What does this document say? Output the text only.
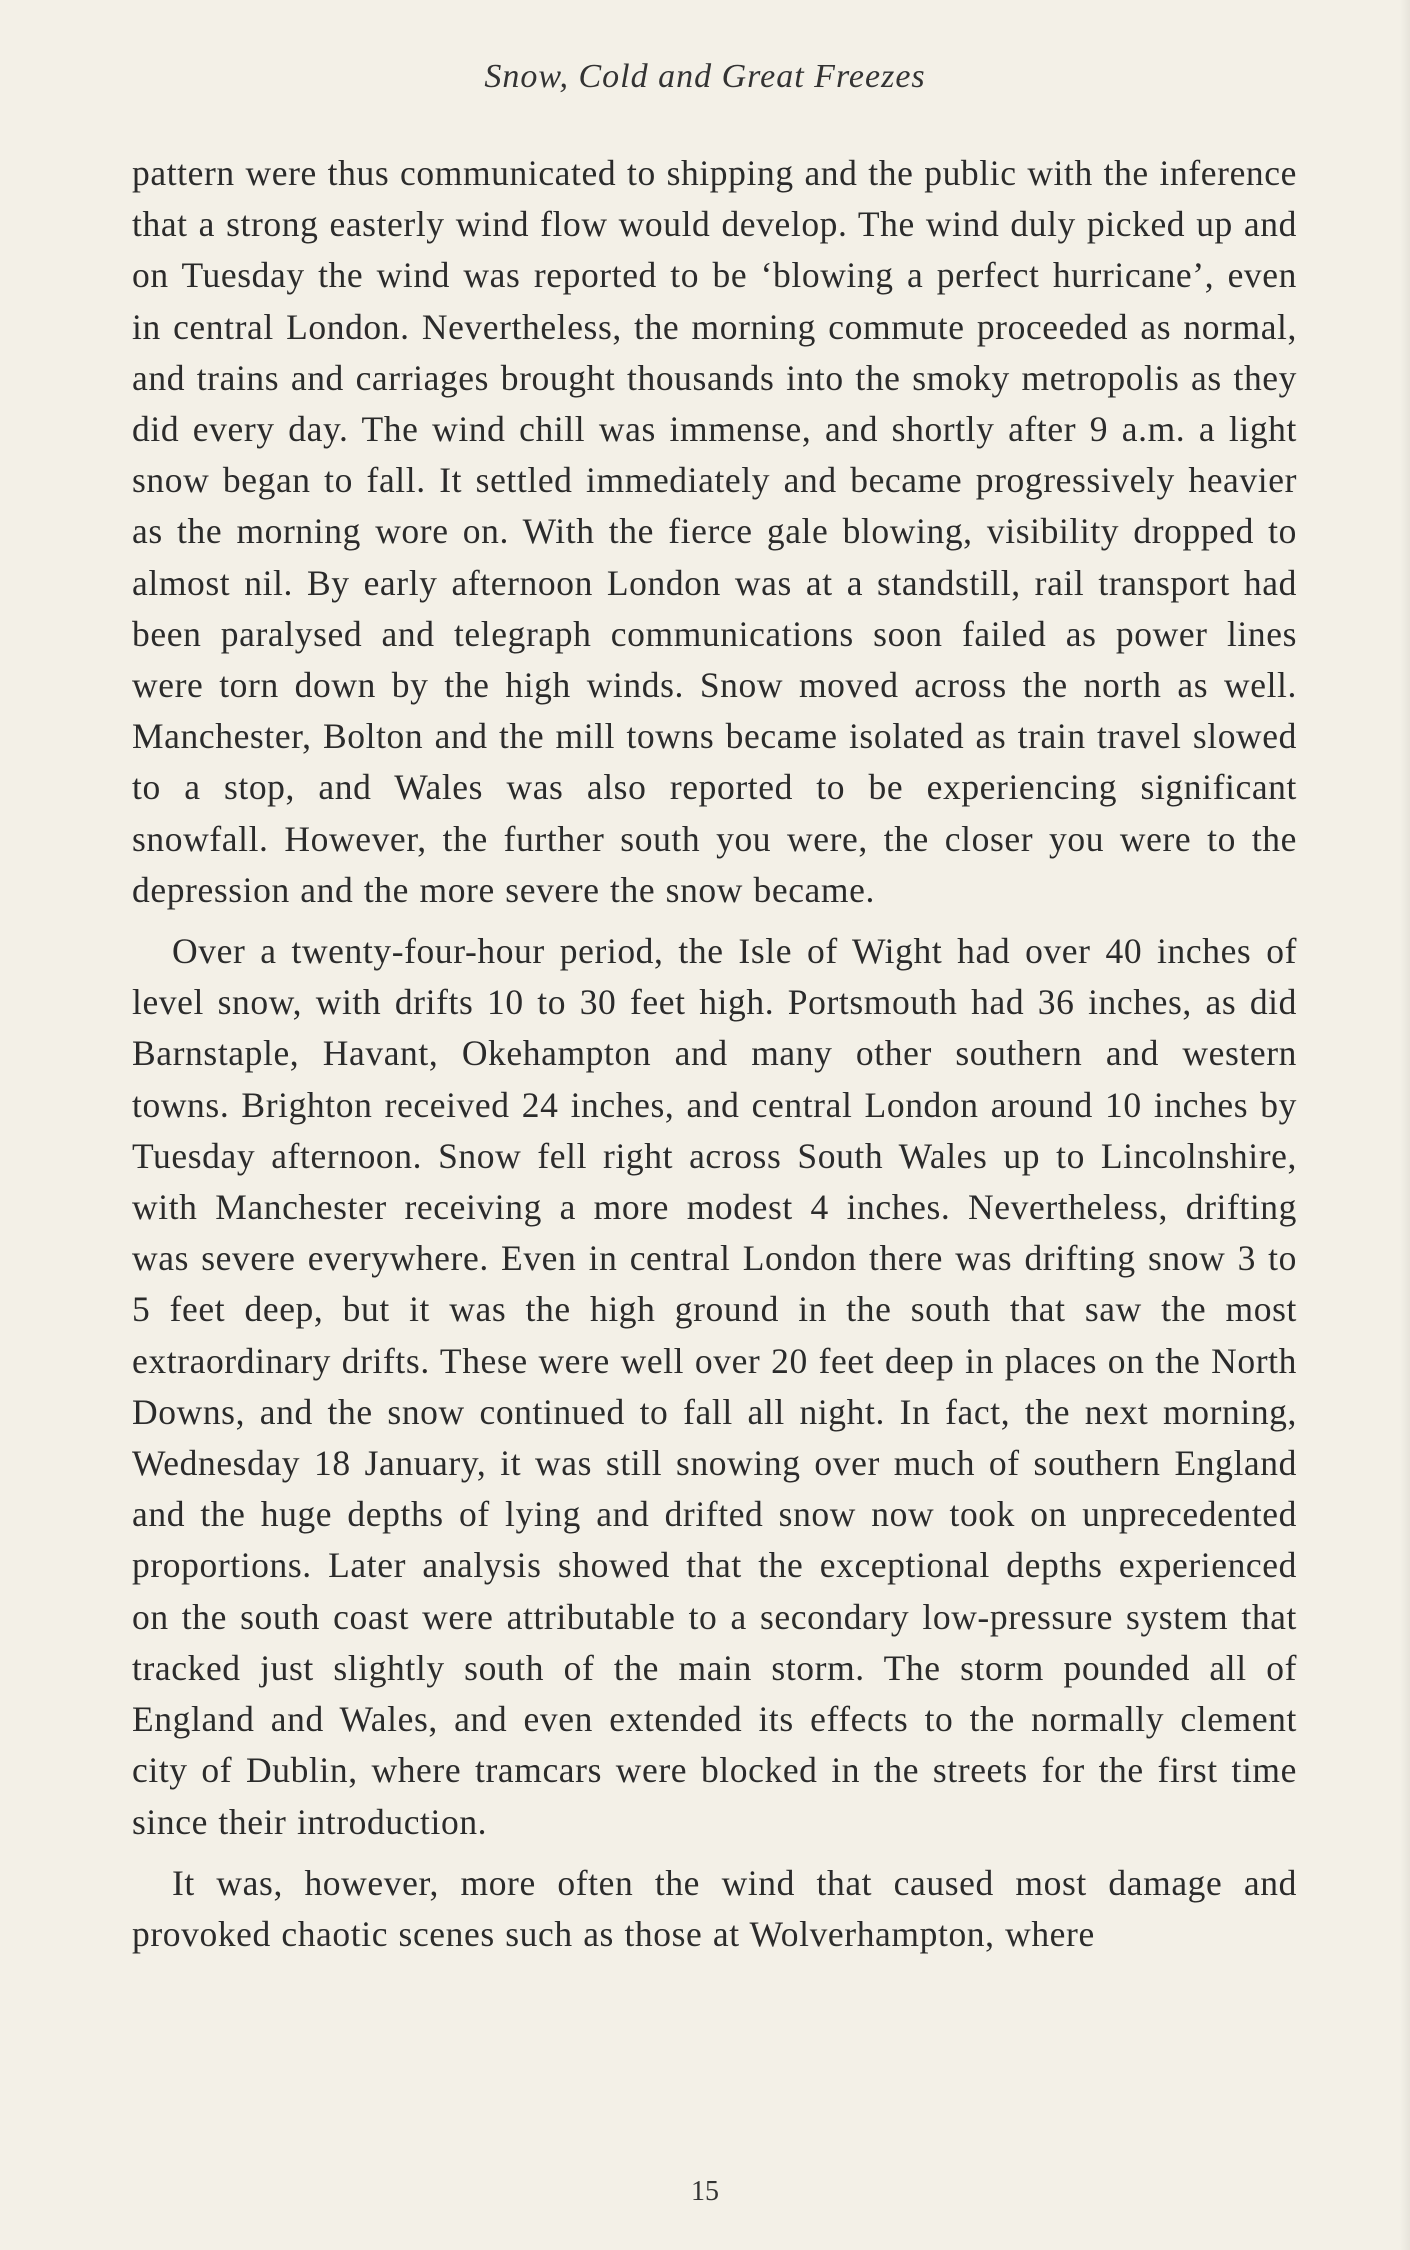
Snow, Cold and Great Freezes

pattern were thus communicated to shipping and the public with the inference that a strong easterly wind flow would develop. The wind duly picked up and on Tuesday the wind was reported to be ‘blowing a perfect hurricane’, even in central London. Nevertheless, the morning commute proceeded as normal, and trains and carriages brought thousands into the smoky metropolis as they did every day. The wind chill was immense, and shortly after 9 a.m. a light snow began to fall. It settled immediately and became progressively heavier as the morning wore on. With the fierce gale blowing, visibility dropped to almost nil. By early afternoon London was at a standstill, rail transport had been paralysed and telegraph communications soon failed as power lines were torn down by the high winds. Snow moved across the north as well. Manchester, Bolton and the mill towns became isolated as train travel slowed to a stop, and Wales was also reported to be experiencing significant snowfall. However, the further south you were, the closer you were to the depression and the more severe the snow became.

Over a twenty-four-hour period, the Isle of Wight had over 40 inches of level snow, with drifts 10 to 30 feet high. Portsmouth had 36 inches, as did Barnstaple, Havant, Okehampton and many other southern and western towns. Brighton received 24 inches, and central London around 10 inches by Tuesday afternoon. Snow fell right across South Wales up to Lincolnshire, with Manchester receiving a more modest 4 inches. Nevertheless, drifting was severe everywhere. Even in central London there was drifting snow 3 to 5 feet deep, but it was the high ground in the south that saw the most extraordinary drifts. These were well over 20 feet deep in places on the North Downs, and the snow continued to fall all night. In fact, the next morning, Wednesday 18 January, it was still snowing over much of southern England and the huge depths of lying and drifted snow now took on unprecedented proportions. Later analysis showed that the exceptional depths experienced on the south coast were attributable to a secondary low-pressure system that tracked just slightly south of the main storm. The storm pounded all of England and Wales, and even extended its effects to the normally clement city of Dublin, where tramcars were blocked in the streets for the first time since their introduction.

It was, however, more often the wind that caused most damage and provoked chaotic scenes such as those at Wolverhampton, where

15
